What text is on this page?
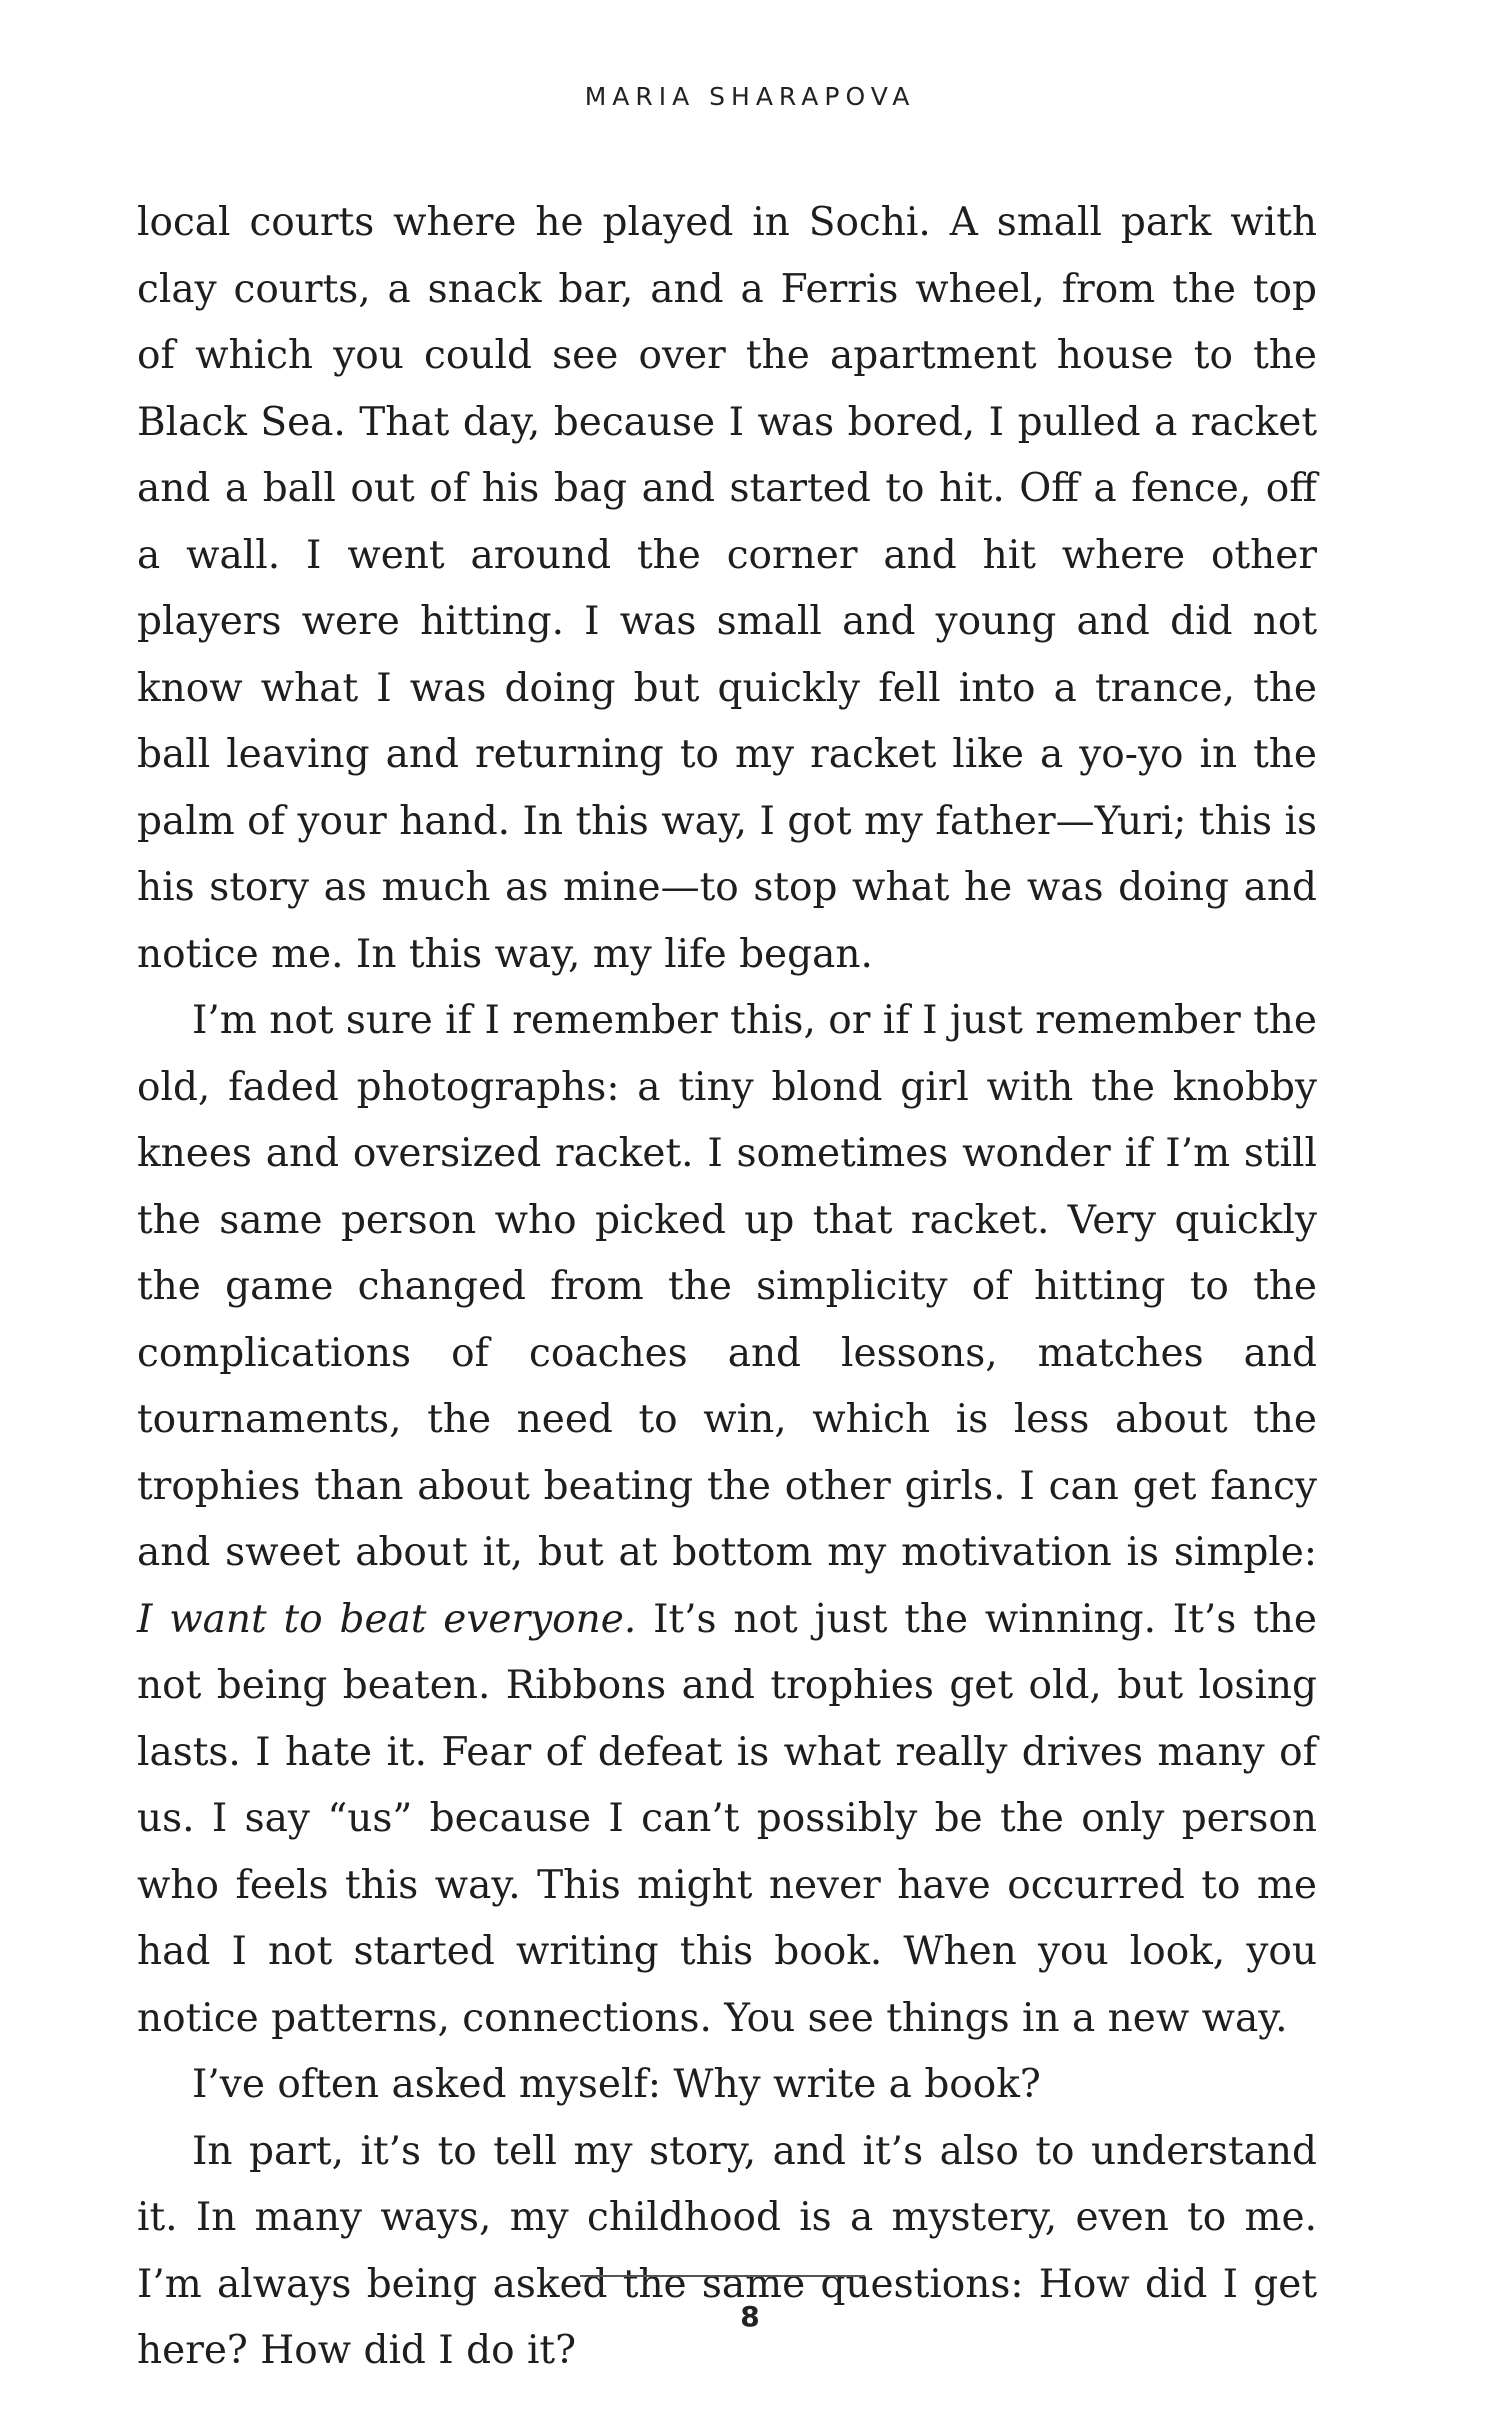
MARIA SHARAPOVA

local courts where he played in Sochi. A small park with clay courts, a snack bar, and a Ferris wheel, from the top of which you could see over the apartment house to the Black Sea. That day, because I was bored, I pulled a racket and a ball out of his bag and started to hit. Off a fence, off a wall. I went around the corner and hit where other players were hitting. I was small and young and did not know what I was doing but quickly fell into a trance, the ball leaving and returning to my racket like a yo-yo in the palm of your hand. In this way, I got my father—Yuri; this is his story as much as mine—to stop what he was doing and notice me. In this way, my life began.

I’m not sure if I remember this, or if I just remember the old, faded photographs: a tiny blond girl with the knobby knees and oversized racket. I sometimes wonder if I’m still the same person who picked up that racket. Very quickly the game changed from the simplicity of hitting to the complications of coaches and lessons, matches and tournaments, the need to win, which is less about the trophies than about beating the other girls. I can get fancy and sweet about it, but at bottom my motivation is simple: I want to beat everyone. It’s not just the winning. It’s the not being beaten. Ribbons and trophies get old, but losing lasts. I hate it. Fear of defeat is what really drives many of us. I say “us” because I can’t possibly be the only person who feels this way. This might never have occurred to me had I not started writing this book. When you look, you notice patterns, connections. You see things in a new way.

I’ve often asked myself: Why write a book?

In part, it’s to tell my story, and it’s also to understand it. In many ways, my childhood is a mystery, even to me. I’m always being asked the same questions: How did I get here? How did I do it?

8
